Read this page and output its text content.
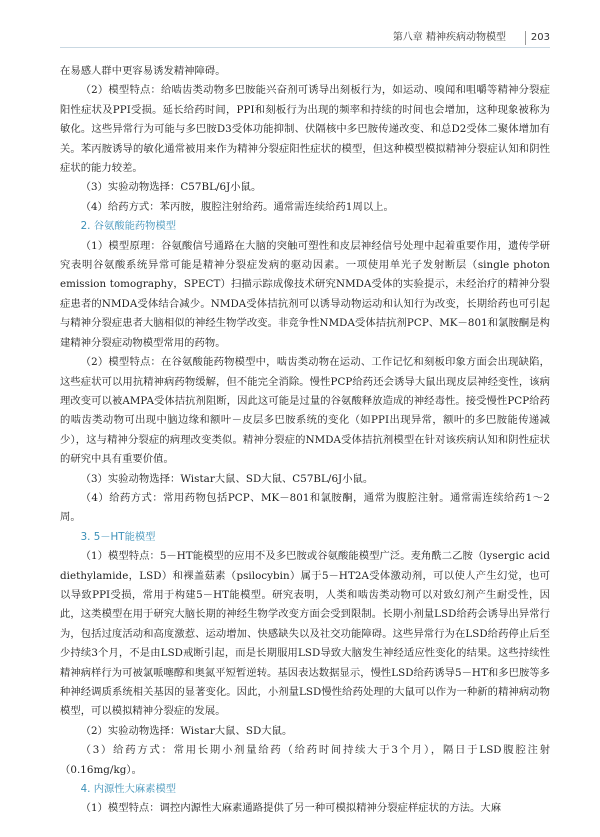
第八章 精神疾病动物模型	203

在易感人群中更容易诱发精神障碍。

（2）模型特点：给啮齿类动物多巴胺能兴奋剂可诱导出刻板行为，如运动、嗅闻和咀嚼等精神分裂症阳性症状及PPI受损。延长给药时间，PPI和刻板行为出现的频率和持续的时间也会增加，这种现象被称为敏化。这些异常行为可能与多巴胺D3受体功能抑制、伏隔核中多巴胺传递改变、和总D2受体二聚体增加有关。苯丙胺诱导的敏化通常被用来作为精神分裂症阳性症状的模型，但这种模型模拟精神分裂症认知和阴性症状的能力较差。

（3）实验动物选择：C57BL/6J小鼠。

（4）给药方式：苯丙胺，腹腔注射给药。通常需连续给药1周以上。

2. 谷氨酸能药物模型

（1）模型原理：谷氨酸信号通路在大脑的突触可塑性和皮层神经信号处理中起着重要作用，遗传学研究表明谷氨酸系统异常可能是精神分裂症发病的驱动因素。一项使用单光子发射断层（single photon emission tomography，SPECT）扫描示踪成像技术研究NMDA受体的实验提示，未经治疗的精神分裂症患者的NMDA受体结合减少。NMDA受体拮抗剂可以诱导动物运动和认知行为改变，长期给药也可引起与精神分裂症患者大脑相似的神经生物学改变。非竞争性NMDA受体拮抗剂PCP、MK－801和氯胺酮是构建精神分裂症动物模型常用的药物。

（2）模型特点：在谷氨酸能药物模型中，啮齿类动物在运动、工作记忆和刻板印象方面会出现缺陷，这些症状可以用抗精神病药物缓解，但不能完全消除。慢性PCP给药还会诱导大鼠出现皮层神经变性，该病理改变可以被AMPA受体拮抗剂阻断，因此这可能是过量的谷氨酸释放造成的神经毒性。接受慢性PCP给药的啮齿类动物可出现中脑边缘和额叶－皮层多巴胺系统的变化（如PPI出现异常，额叶的多巴胺能传递减少），这与精神分裂症的病理改变类似。精神分裂症的NMDA受体拮抗剂模型在针对该疾病认知和阴性症状的研究中具有重要价值。

（3）实验动物选择：Wistar大鼠、SD大鼠、C57BL/6J小鼠。

（4）给药方式：常用药物包括PCP、MK－801和氯胺酮，通常为腹腔注射。通常需连续给药1～2周。

3. 5－HT能模型

（1）模型特点：5－HT能模型的应用不及多巴胺或谷氨酸能模型广泛。麦角酰二乙胺（lysergic acid diethylamide，LSD）和裸盖菇素（psilocybin）属于5－HT2A受体激动剂，可以使人产生幻觉，也可以导致PPI受损，常用于构建5－HT能模型。研究表明，人类和啮齿类动物可以对致幻剂产生耐受性，因此，这类模型在用于研究大脑长期的神经生物学改变方面会受到限制。长期小剂量LSD给药会诱导出异常行为，包括过度活动和高度激惹、运动增加、快感缺失以及社交功能障碍。这些异常行为在LSD给药停止后至少持续3个月，不是由LSD戒断引起，而是长期服用LSD导致大脑发生神经适应性变化的结果。这些持续性精神病样行为可被氯哌噻醇和奥氮平短暂逆转。基因表达数据显示，慢性LSD给药诱导5－HT和多巴胺等多种神经调质系统相关基因的显著变化。因此，小剂量LSD慢性给药处理的大鼠可以作为一种新的精神病动物模型，可以模拟精神分裂症的发展。

（2）实验动物选择：Wistar大鼠、SD大鼠。

（3）给药方式：常用长期小剂量给药（给药时间持续大于3个月），隔日于LSD腹腔注射（0.16mg/kg）。

4. 内源性大麻素模型

（1）模型特点：调控内源性大麻素通路提供了另一种可模拟精神分裂症样症状的方法。大麻
